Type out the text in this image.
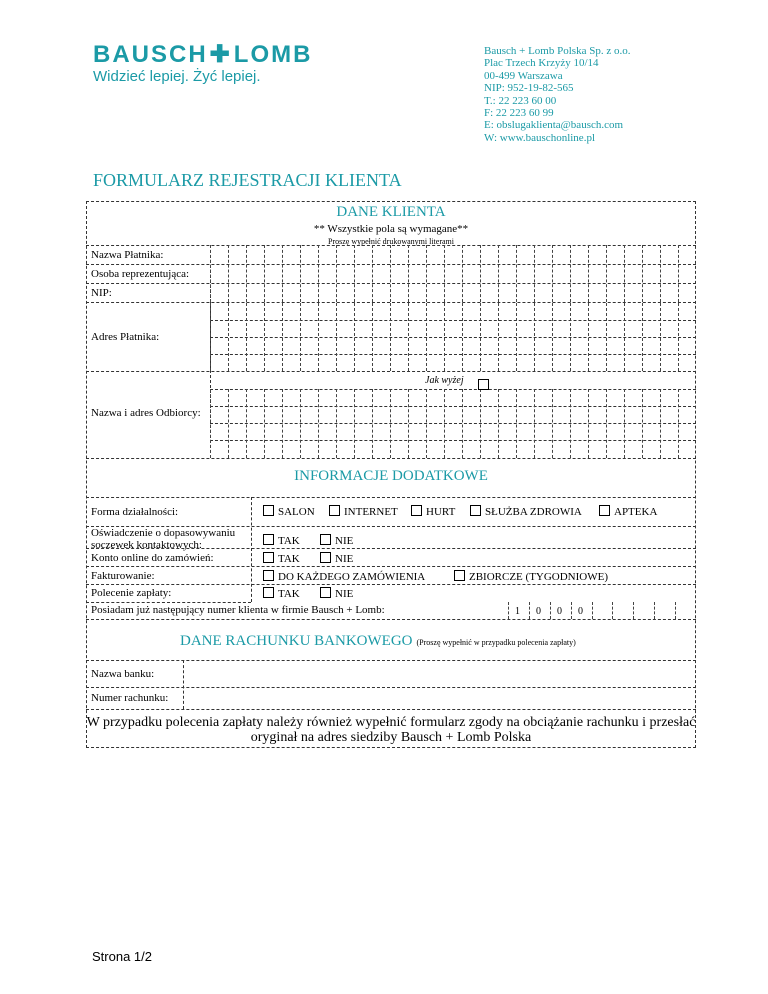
BAUSCH✚LOMB
Widzieć lepiej. Żyć lepiej.
Bausch + Lomb Polska Sp. z o.o.
Plac Trzech Krzyży 10/14
00-499 Warszawa
NIP: 952-19-82-565
T.: 22 223 60 00
F: 22 223 60 99
E: obslugaklienta@bausch.com
W: www.bauschonline.pl
FORMULARZ REJESTRACJI KLIENTA
DANE KLIENTA
** Wszystkie pola są wymagane**
Proszę wypełnić drukowanymi literami
Nazwa Płatnika:
Osoba reprezentująca:
NIP:
Adres Płatnika:
Nazwa i adres Odbiorcy:
Jak wyżej
INFORMACJE DODATKOWE
Forma działalności:	SALON	INTERNET	HURT	SŁUŻBA ZDROWIA	APTEKA
Oświadczenie o dopasowywaniu
soczewek kontaktowych:	TAK	NIE
Konto online do zamówień:	TAK	NIE
Fakturowanie:	DO KAŻDEGO ZAMÓWIENIA	ZBIORCZE (TYGODNIOWE)
Polecenie zapłaty:	TAK	NIE
Posiadam już następujący numer klienta w firmie Bausch + Lomb:	1 0 0 0
DANE RACHUNKU BANKOWEGO (Proszę wypełnić w przypadku polecenia zapłaty)
Nazwa banku:
Numer rachunku:
W przypadku polecenia zapłaty należy również wypełnić formularz zgody na obciążanie rachunku i przesłać oryginał na adres siedziby Bausch + Lomb Polska
Strona 1/2
